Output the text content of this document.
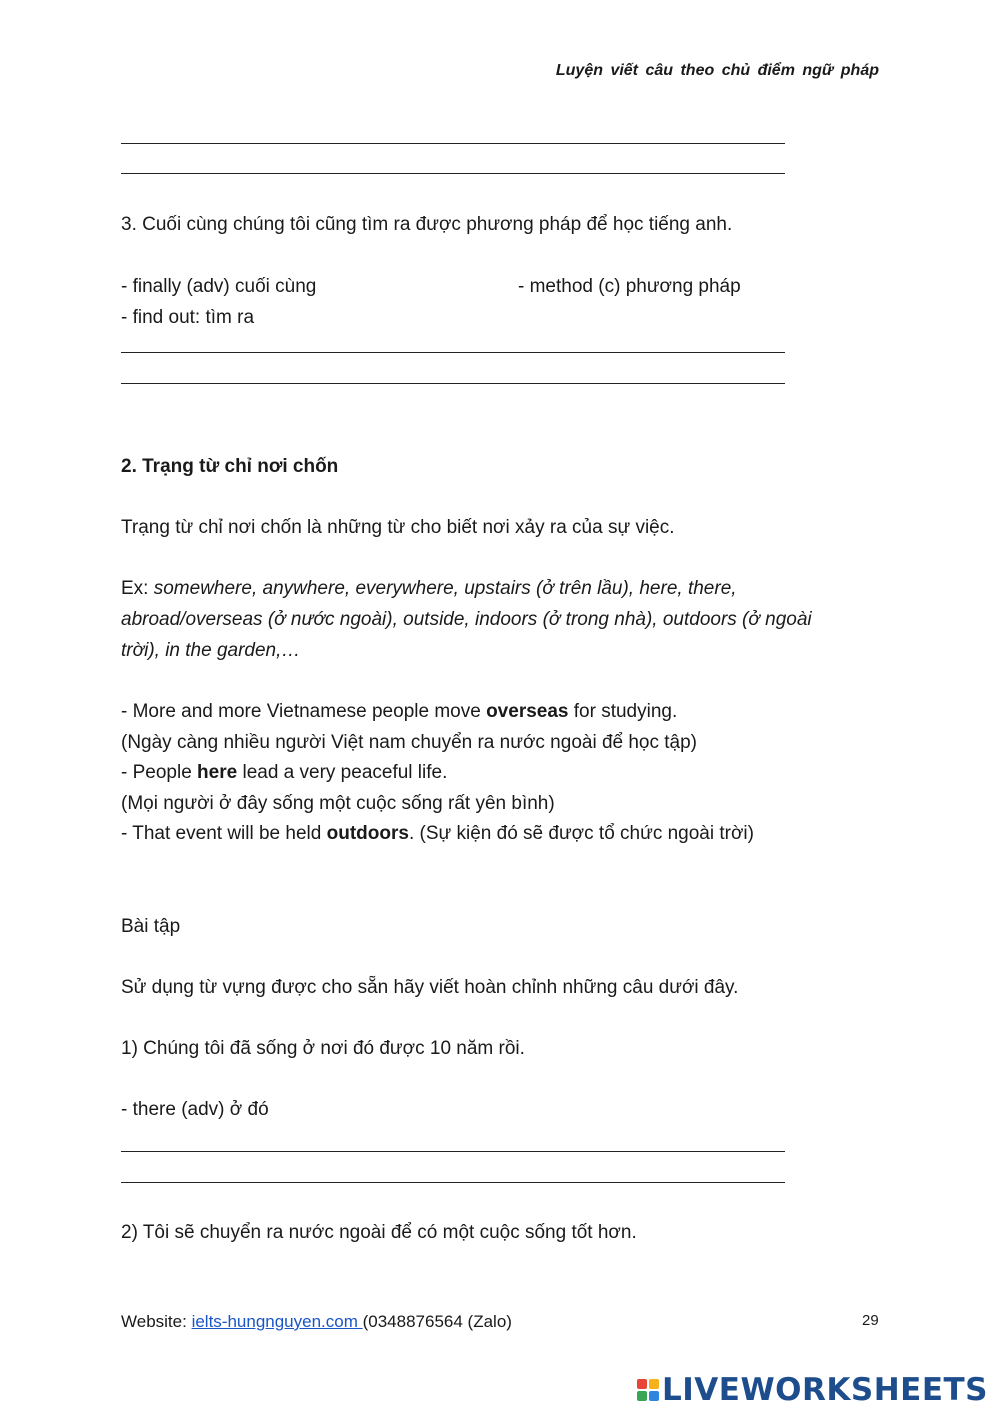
Luyện viết câu theo chủ điểm ngữ pháp
3. Cuối cùng chúng tôi cũng tìm ra được phương pháp để học tiếng anh.
- finally (adv) cuối cùng	- method (c) phương pháp
- find out: tìm ra
2. Trạng từ chỉ nơi chốn
Trạng từ chỉ nơi chốn là những từ cho biết nơi xảy ra của sự việc.
Ex: somewhere, anywhere, everywhere, upstairs (ở trên lầu), here, there,
abroad/overseas (ở nước ngoài), outside, indoors (ở trong nhà), outdoors (ở ngoài
trời), in the garden,…
- More and more Vietnamese people move overseas for studying.
(Ngày càng nhiều người Việt nam chuyển ra nước ngoài để học tập)
- People here lead a very peaceful life.
(Mọi người ở đây sống một cuộc sống rất yên bình)
- That event will be held outdoors. (Sự kiện đó sẽ được tổ chức ngoài trời)
Bài tập
Sử dụng từ vựng được cho sẵn hãy viết hoàn chỉnh những câu dưới đây.
1) Chúng tôi đã sống ở nơi đó được 10 năm rồi.
- there (adv) ở đó
2) Tôi sẽ chuyển ra nước ngoài để có một cuộc sống tốt hơn.
Website: ielts-hungnguyen.com (0348876564 (Zalo)	29
LIVEWORKSHEETS
